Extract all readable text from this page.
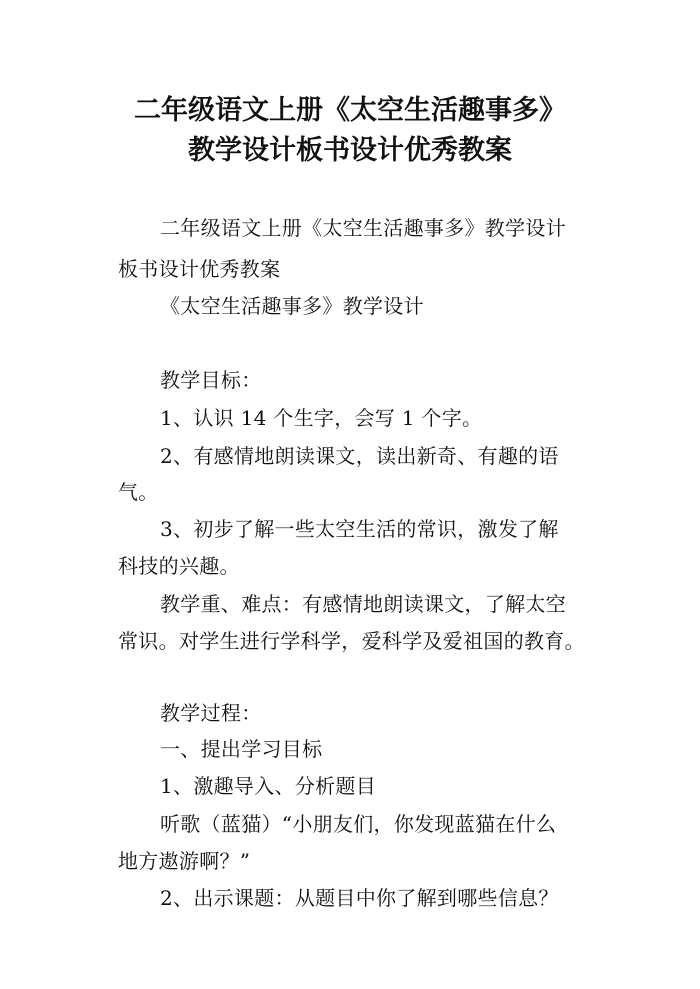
二年级语文上册《太空生活趣事多》
教学设计板书设计优秀教案
二年级语文上册《太空生活趣事多》教学设计
板书设计优秀教案
《太空生活趣事多》教学设计
教学目标：
1、认识 14 个生字，会写 1 个字。
2、有感情地朗读课文，读出新奇、有趣的语
气。
3、初步了解一些太空生活的常识，激发了解
科技的兴趣。
教学重、难点：有感情地朗读课文，了解太空
常识。对学生进行学科学，爱科学及爱祖国的教育。
教学过程：
一、提出学习目标
1、激趣导入、分析题目
听歌（蓝猫）“小朋友们，你发现蓝猫在什么
地方遨游啊？”
2、出示课题：从题目中你了解到哪些信息？
